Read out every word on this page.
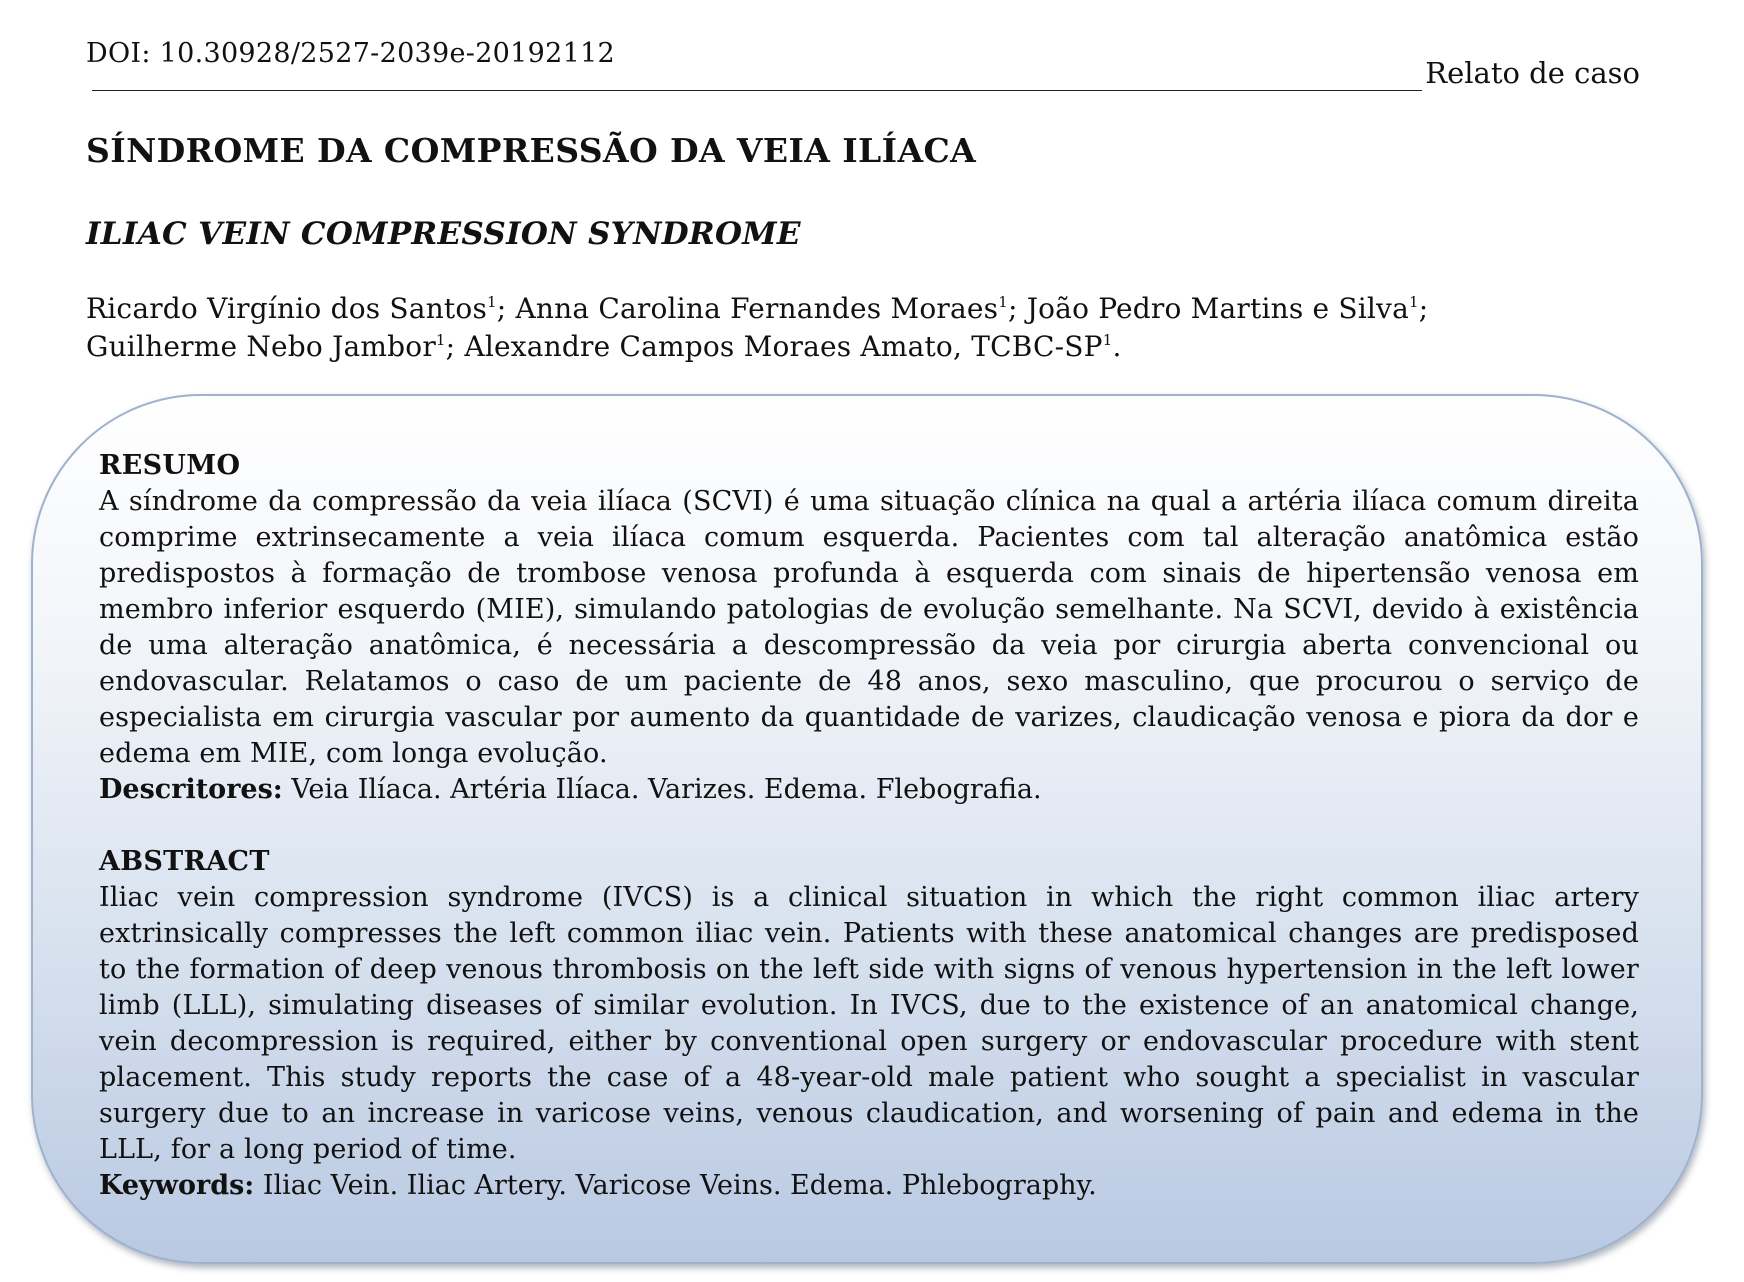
DOI: 10.30928/2527-2039e-20192112
Relato de caso
SÍNDROME DA COMPRESSÃO DA VEIA ILÍACA
ILIAC VEIN COMPRESSION SYNDROME
Ricardo Virgínio dos Santos$^1$; Anna Carolina Fernandes Moraes$^1$; João Pedro Martins e Silva$^1$;
Guilherme Nebo Jambor$^1$; Alexandre Campos Moraes Amato, TCBC-$SP^1$.
RESUMO
A síndrome da compressão da veia ilíaca (SCVI) é uma situação clínica na qual a artéria ilíaca comum direita comprime extrinsecamente a veia ilíaca comum esquerda. Pacientes com tal alteração anatômica estão predispostos à formação de trombose venosa profunda à esquerda com sinais de hipertensão venosa em membro inferior esquerdo (MIE), simulando patologias de evolução semelhante. Na SCVI, devido à existência de uma alteração anatômica, é necessária a descompressão da veia por cirurgia aberta convencional ou endovascular. Relatamos o caso de um paciente de 48 anos, sexo masculino, que procurou o serviço de especialista em cirurgia vascular por aumento da quantidade de varizes, claudicação venosa e piora da dor e edema em MIE, com longa evolução.
Descritores: Veia Ilíaca. Artéria Ilíaca. Varizes. Edema. Flebografia.
ABSTRACT
Iliac vein compression syndrome (IVCS) is a clinical situation in which the right common iliac artery extrinsically compresses the left common iliac vein. Patients with these anatomical changes are predisposed to the formation of deep venous thrombosis on the left side with signs of venous hypertension in the left lower limb (LLL), simulating diseases of similar evolution. In IVCS, due to the existence of an anatomical change, vein decompression is required, either by conventional open surgery or endovascular procedure with stent placement. This study reports the case of a 48-year-old male patient who sought a specialist in vascular surgery due to an increase in varicose veins, venous claudication, and worsening of pain and edema in the LLL, for a long period of time.
Keywords: Iliac Vein. Iliac Artery. Varicose Veins. Edema. Phlebography.
